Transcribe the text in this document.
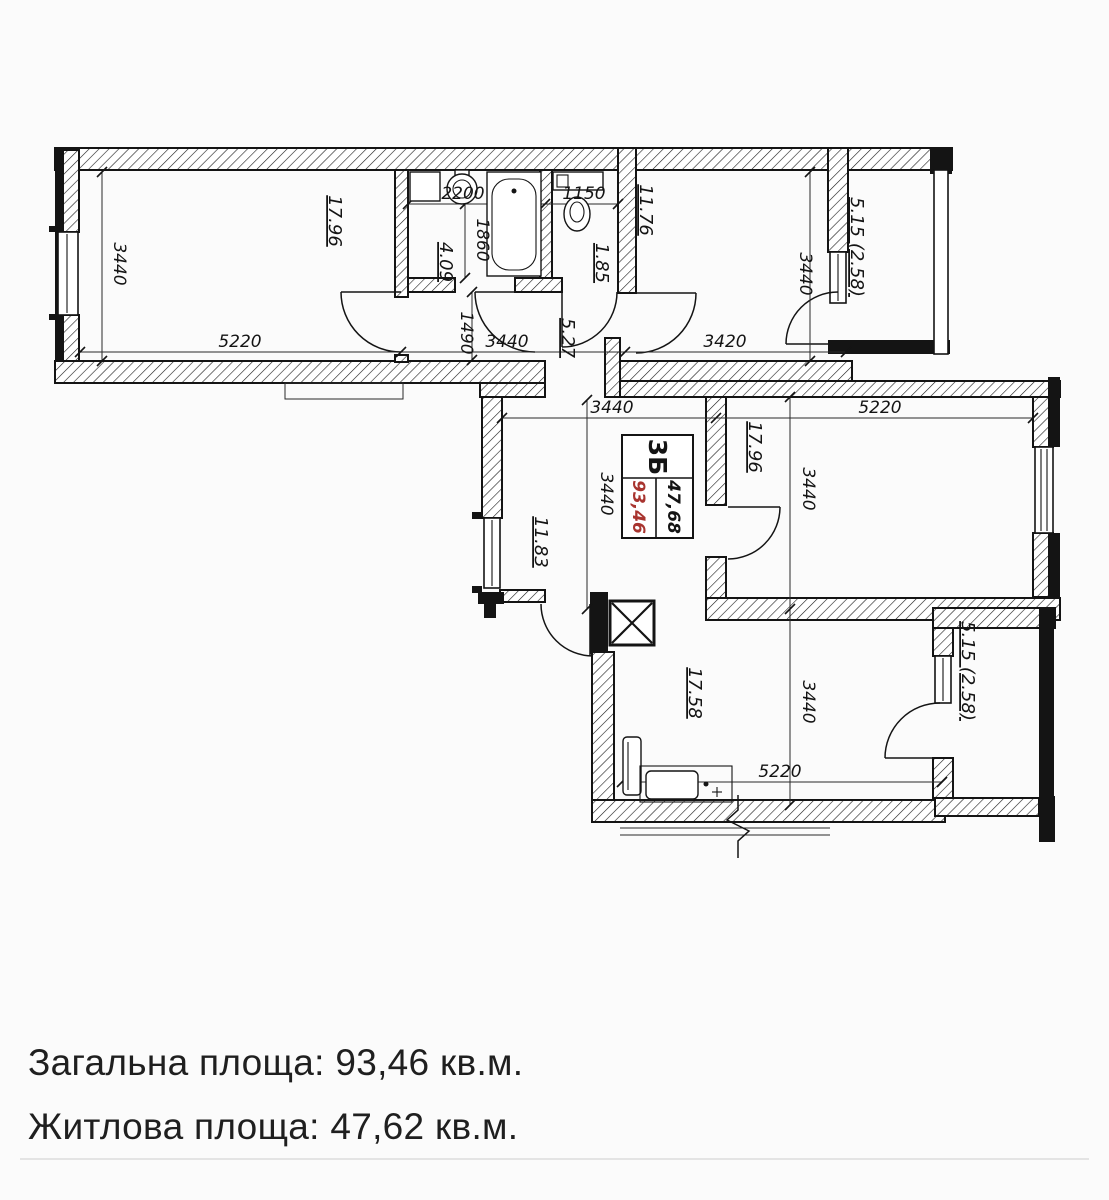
3Б
93,46 47,68
5220	3440	3420
2200	1150
3440	5220
5220
3440
1860
1490
3440
3440	3440
3440
17.96
4.09	1.85
5.27
11.76	5.15 (2.58)
11.83
17.96
17.58	5.15 (2.58)
Загальна площа: 93,46 кв.м.
Житлова площа: 47,62 кв.м.
